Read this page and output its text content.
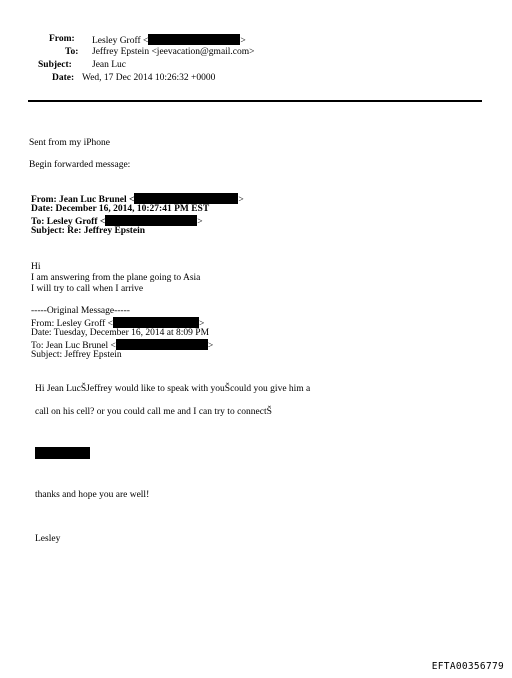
From: Lesley Groff <	>
To: Jeffrey Epstein <jeevacation@gmail.com>
Subject: Jean Luc
Date: Wed, 17 Dec 2014 10:26:32 +0000
Sent from my iPhone
Begin forwarded message:
From: Jean Luc Brunel <	>
Date: December 16, 2014, 10:27:41 PM EST
To: Lesley Groff <	>
Subject: Re: Jeffrey Epstein
Hi
I am answering from the plane going to Asia
I will try to call when I arrive
-----Original Message-----
From: Lesley Groff <	>
Date: Tuesday, December 16, 2014 at 8:09 PM
To: Jean Luc Brunel <	>
Subject: Jeffrey Epstein
Hi Jean LucŠJeffrey would like to speak with youŠcould you give him a
call on his cell? or you could call me and I can try to connectŠ
thanks and hope you are well!
Lesley
EFTA00356779
